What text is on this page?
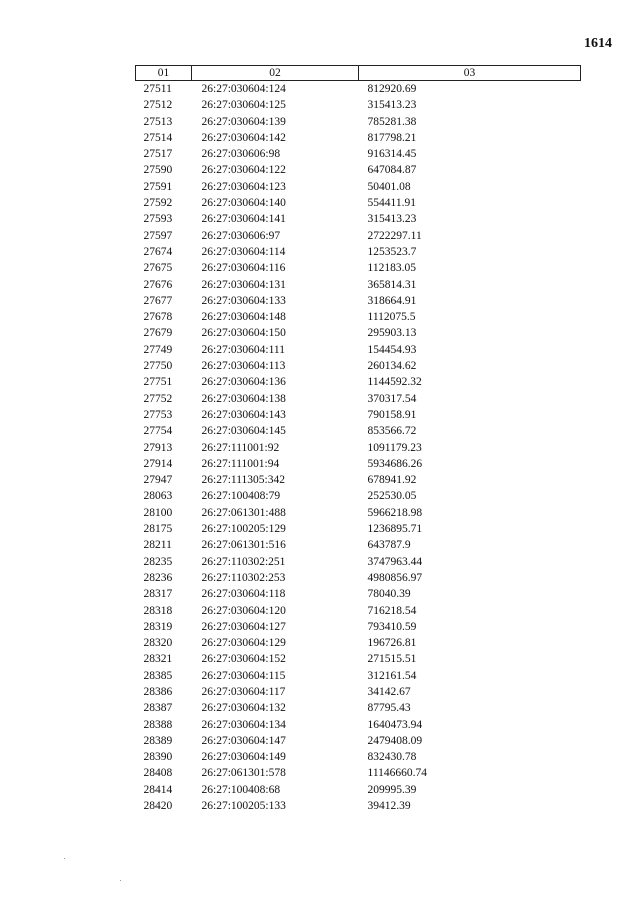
1614
01	02	03
27511	26:27:030604:124	812920.69
27512	26:27:030604:125	315413.23
27513	26:27:030604:139	785281.38
27514	26:27:030604:142	817798.21
27517	26:27:030606:98	916314.45
27590	26:27:030604:122	647084.87
27591	26:27:030604:123	50401.08
27592	26:27:030604:140	554411.91
27593	26:27:030604:141	315413.23
27597	26:27:030606:97	2722297.11
27674	26:27:030604:114	1253523.7
27675	26:27:030604:116	112183.05
27676	26:27:030604:131	365814.31
27677	26:27:030604:133	318664.91
27678	26:27:030604:148	1112075.5
27679	26:27:030604:150	295903.13
27749	26:27:030604:111	154454.93
27750	26:27:030604:113	260134.62
27751	26:27:030604:136	1144592.32
27752	26:27:030604:138	370317.54
27753	26:27:030604:143	790158.91
27754	26:27:030604:145	853566.72
27913	26:27:111001:92	1091179.23
27914	26:27:111001:94	5934686.26
27947	26:27:111305:342	678941.92
28063	26:27:100408:79	252530.05
28100	26:27:061301:488	5966218.98
28175	26:27:100205:129	1236895.71
28211	26:27:061301:516	643787.9
28235	26:27:110302:251	3747963.44
28236	26:27:110302:253	4980856.97
28317	26:27:030604:118	78040.39
28318	26:27:030604:120	716218.54
28319	26:27:030604:127	793410.59
28320	26:27:030604:129	196726.81
28321	26:27:030604:152	271515.51
28385	26:27:030604:115	312161.54
28386	26:27:030604:117	34142.67
28387	26:27:030604:132	87795.43
28388	26:27:030604:134	1640473.94
28389	26:27:030604:147	2479408.09
28390	26:27:030604:149	832430.78
28408	26:27:061301:578	11146660.74
28414	26:27:100408:68	209995.39
28420	26:27:100205:133	39412.39
